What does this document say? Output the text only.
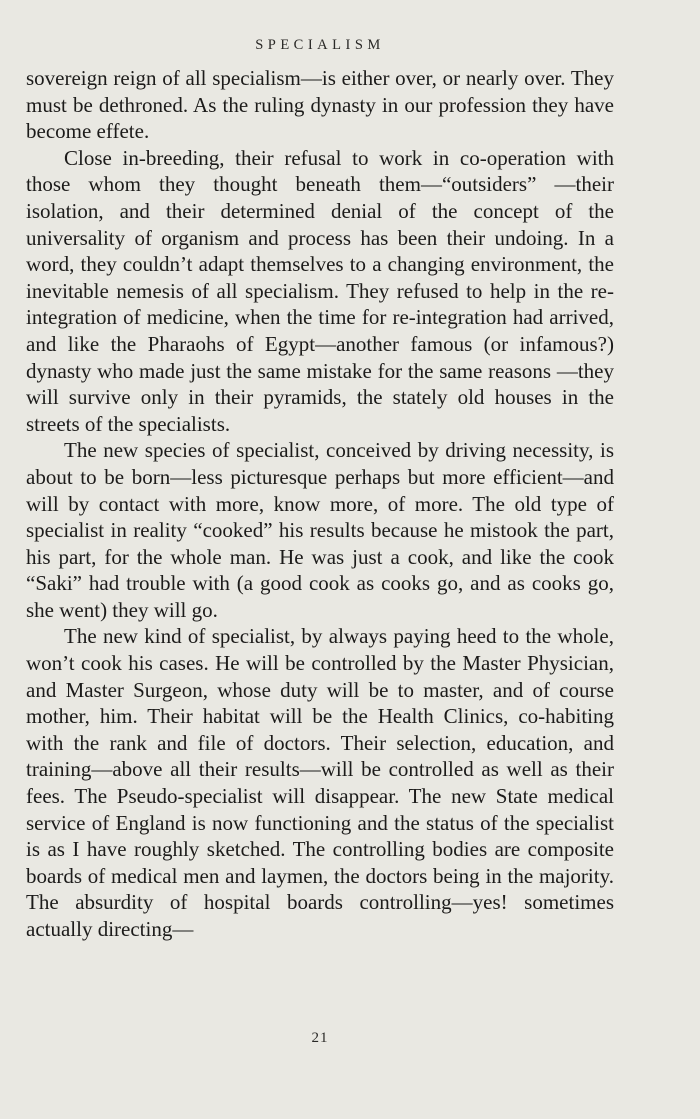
SPECIALISM

sovereign reign of all specialism—is either over, or nearly over. They must be dethroned. As the ruling dynasty in our profession they have become effete.

Close in-breeding, their refusal to work in co-operation with those whom they thought beneath them—“outsiders” —their isolation, and their determined denial of the concept of the universality of organism and process has been their undoing. In a word, they couldn’t adapt themselves to a changing environment, the inevitable nemesis of all specialism. They refused to help in the re-integration of medicine, when the time for re-integration had arrived, and like the Pharaohs of Egypt—another famous (or infamous?) dynasty who made just the same mistake for the same reasons —they will survive only in their pyramids, the stately old houses in the streets of the specialists.

The new species of specialist, conceived by driving necessity, is about to be born—less picturesque perhaps but more efficient—and will by contact with more, know more, of more. The old type of specialist in reality “cooked” his results because he mistook the part, his part, for the whole man. He was just a cook, and like the cook “Saki” had trouble with (a good cook as cooks go, and as cooks go, she went) they will go.

The new kind of specialist, by always paying heed to the whole, won’t cook his cases. He will be controlled by the Master Physician, and Master Surgeon, whose duty will be to master, and of course mother, him. Their habitat will be the Health Clinics, co-habiting with the rank and file of doctors. Their selection, education, and training—above all their results—will be controlled as well as their fees. The Pseudo-specialist will disappear. The new State medical service of England is now functioning and the status of the specialist is as I have roughly sketched. The controlling bodies are composite boards of medical men and laymen, the doctors being in the majority. The absurdity of hospital boards controlling—yes! sometimes actually directing—

21
